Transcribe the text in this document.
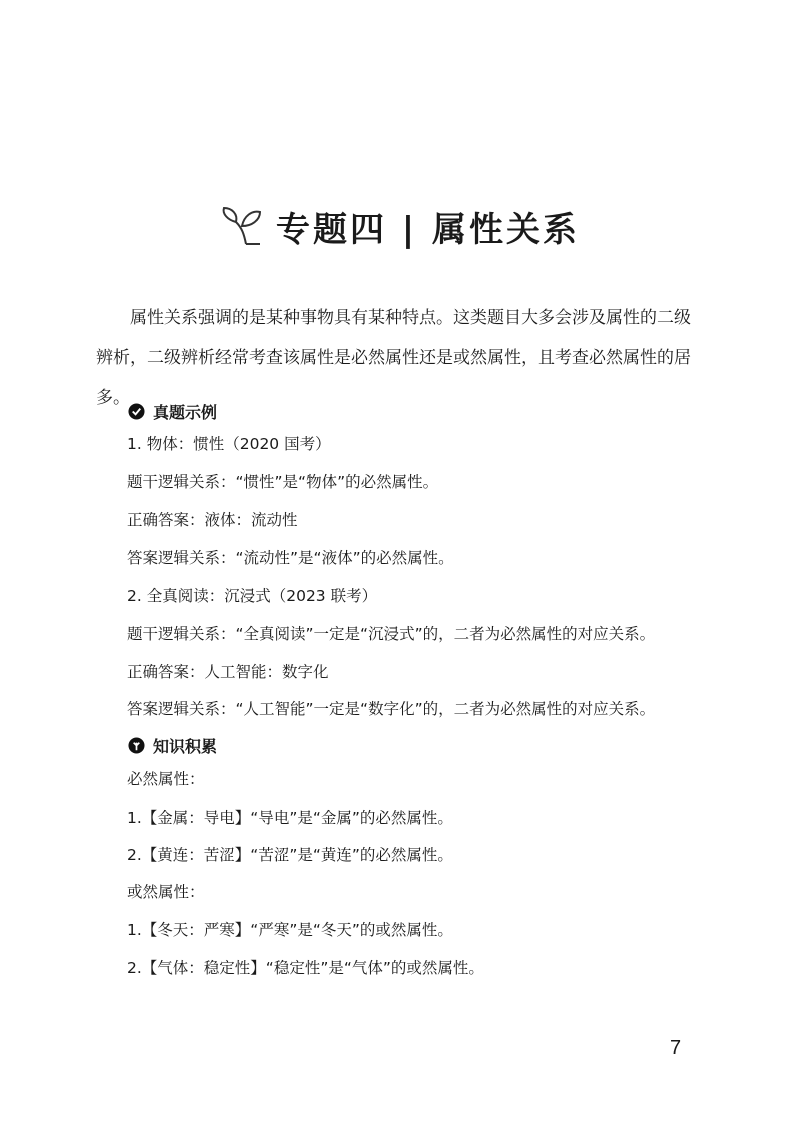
专题四 | 属性关系

属性关系强调的是某种事物具有某种特点。这类题目大多会涉及属性的二级辨析，二级辨析经常考查该属性是必然属性还是或然属性，且考查必然属性的居多。

真题示例
1. 物体：惯性（2020 国考）
题干逻辑关系：“惯性”是“物体”的必然属性。
正确答案：液体：流动性
答案逻辑关系：“流动性”是“液体”的必然属性。
2. 全真阅读：沉浸式（2023 联考）
题干逻辑关系：“全真阅读”一定是“沉浸式”的，二者为必然属性的对应关系。
正确答案：人工智能：数字化
答案逻辑关系：“人工智能”一定是“数字化”的，二者为必然属性的对应关系。
知识积累
必然属性：
1.【金属：导电】“导电”是“金属”的必然属性。
2.【黄连：苦涩】“苦涩”是“黄连”的必然属性。
或然属性：
1.【冬天：严寒】“严寒”是“冬天”的或然属性。
2.【气体：稳定性】“稳定性”是“气体”的或然属性。
7
